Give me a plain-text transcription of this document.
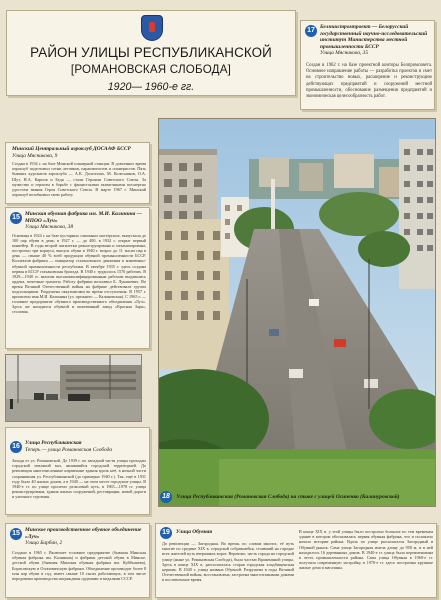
РАЙОН УЛИЦЫ РЕСПУБЛИКАНСКОЙ
[РОМАНОВСКАЯ СЛОБОДА]
1920— 1960-е гг.
17 Белниистромпроект — Белорусский государственный научно-исследовательский институт Министерства местной промышленности БССР
Улица Мясникова, 35
Создан в 1962 г. на базе проектной конторы Белпромсовета. Основное направление работы — разработка проектов и смет на строительство новых, расширение и реконструкцию действующих предприятий и сооружений местной промышленности, обоснование размещения предприятий и экономическая целесообразность работ.
Минский Центральный аэроклуб ДОСААФ БССР
Улица Мясникова, 9
Создан в 1934 г. на базе Минской планерной станции. В довоенное время аэроклуб подготовил сотни летчиков, парашютистов и планеристов. Пять бывших курсантов аэроклуба — А.К. Долгоплях, М. Колесников, О.А. Шут, Н.А. Карпов и Бедя — стали Героями Советского Союза. За мужество и героизм в борьбе с фашистскими захватчиками посмертно удостоен звания Героя Советского Союза. В марте 1967 г. Минский аэроклуб возобновил свою работу.
15 Минская обувная фабрика им. М.И. Калинина — МПОО «Луч»
Улица Мясникова, 38
Основана в 1924 г. на базе кустарных сапожных мастерских, выпускала до 100 пар обуви в день; в 1927 г. — до 400, в 1932 г. открыт первый конвейер. В годы второй пятилетки реконструирована и механизирована; построено три корпуса, выпуск обуви в 1940 г. возрос до 11 тысяч пар в день — свыше 40 % всей продукции обувной промышленности БССР. Коллектив фабрики — инициатор стахановского движения в кожевенно-обувной промышленности республики. В октябре 1935 г. здесь создана первая в БССР стахановская бригада. В 1940 г. трудилось 1570 рабочих. В 1929—1940 гг. многим высококвалифицированным рабочим выдавались ордена, почетные грамоты. Работу фабрики возглавил Б. Лукашевич. Во время Великой Отечественной войны на фабрике действовала группа подпольщиков. Разрушена оккупантами во время отступления. В 1957 г. присвоено имя М.И. Калинина (ул. прежнего — Калиновская). С 1965 г. — головное предприятие обувного производственного объединения «Луч». Здесь же находился обувной и кожевенный завод «Красная Заря», столовая.
16 Улица Республиканская
Теперь — улица Романовская Слобода
Заходя от ул. Романовской. До 1939 г. по западной части улицы проходил городской земляной вал, являвшийся городской территорией. До революции многочисленные кирпичные здания вдоль неё, в ночной части сохранившая ул. Республиканской (до примерно 1940 г.). Так, ещё в 1931 году было 40 жилых домов, а в 1940 — на этом месте городские улицы. В 1940-е гг. по улице пролегал рельсовый путь, в 1965—1978 гг. улица реконструирована, здания жилых сооружений, реставрации, новой дороги и уличного строения.	18 Улица Республиканская (Романовская Слобода) на стыке с улицей Осипенко (Калинуровской)
15 Минское производственное обувное объединение «Луч»
Улица Барбан, 2
Создано в 1965 г. Включает головное предприятие (бывшая Минская обувная фабрика им. Калинина) и фабрики детской обуви в Минске, детской обуви (бывшая Минская обувная фабрика им. Куйбышева), Борисовскую и Осиповичскую фабрики. Объединение производит более 8 млн пар обуви в год, имеет свыше 10 тысяч работающих, в том числе передовики производства награждены орденами и медалями СССР.
19	Улица Обувная
До революции — Загородная. Во время, по словам многих, её путь многие по средине XIX в. городской собравшейся, стоявший на городке всех жителей путь вчерашних ворот. Вероятно, часть города на городской улице (ныне ул. Романовская Слобода), была частью Вражениной улицы. Здесь в конце XIX в. располагалась старая городская кладбищенская церковь. В 1940 г. улица названа Обувной. Разрушена в годы Великой Отечественной войны, восстановлена, застроена многоэтажными домами в послевоенное время.
В конце XIX в. у этой улицы было построено большое по тем временам здание в котором обосновалась первая обувная фабрика, что и положило начало истории района. Вдоль по улице располагался Загородный и Обувной рынок. Сама улица Загородная имела длину до 950 м, и в ней находилось 16 деревянных домов. В 1940-е гг. улица была переименована в честь промышленности района. Сама улица Обувная в 1960-е гг. получила современную застройку, в 1970-е гг. здесь построены крупные жилые дома и магазины.
